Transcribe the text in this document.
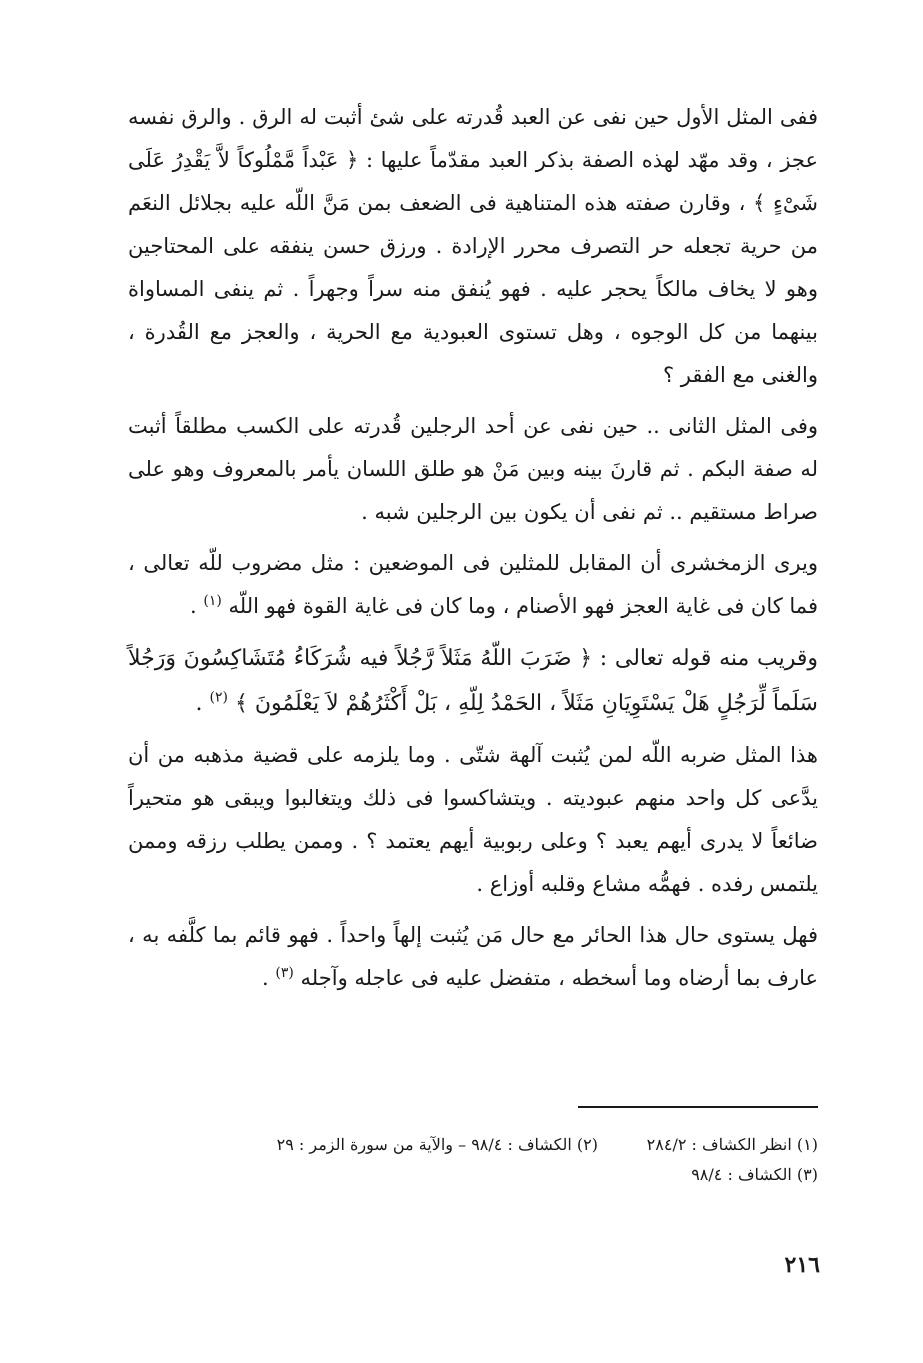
ففى المثل الأول حين نفى عن العبد قُدرته على شئ أثبت له الرق . والرق نفسه عجز ، وقد مهّد لهذه الصفة بذكر العبد مقدّماً عليها : ﴿ عَبْداً مَّمْلُوكاً لاَّ يَقْدِرُ عَلَى شَىْءٍ ﴾ ، وقارن صفته هذه المتناهية فى الضعف بمن مَنَّ اللّه عليه بجلائل النعَم من حرية تجعله حر التصرف محرر الإرادة . ورزق حسن ينفقه على المحتاجين وهو لا يخاف مالكاً يحجر عليه . فهو يُنفق منه سراً وجهراً . ثم ينفى المساواة بينهما من كل الوجوه ، وهل تستوى العبودية مع الحرية ، والعجز مع القُدرة ، والغنى مع الفقر ؟

وفى المثل الثانى .. حين نفى عن أحد الرجلين قُدرته على الكسب مطلقاً أثبت له صفة البكم . ثم قارنَ بينه وبين مَنْ هو طلق اللسان يأمر بالمعروف وهو على صراط مستقيم .. ثم نفى أن يكون بين الرجلين شبه .

ويرى الزمخشرى أن المقابل للمثلين فى الموضعين : مثل مضروب للّه تعالى ، فما كان فى غاية العجز فهو الأصنام ، وما كان فى غاية القوة فهو اللّه $^{(١)}$ .

وقريب منه قوله تعالى : ﴿ ضَرَبَ اللّهُ مَثَلاً رَّجُلاً فيه شُرَكَاءُ مُتَشَاكِسُونَ وَرَجُلاً سَلَماً لِّرَجُلٍ هَلْ يَسْتَوِيَانِ مَثَلاً ، الحَمْدُ لِلّهِ ، بَلْ أَكْثَرُهُمْ لاَ يَعْلَمُونَ ﴾ $^{(٢)}$ .

هذا المثل ضربه اللّه لمن يُثبت آلهة شتّى . وما يلزمه على قضية مذهبه من أن يدَّعى كل واحد منهم عبوديته . ويتشاكسوا فى ذلك ويتغالبوا ويبقى هو متحيراً ضائعاً لا يدرى أيهم يعبد ؟ وعلى ربوبية أيهم يعتمد ؟ . وممن يطلب رزقه وممن يلتمس رفده . فهمُّه مشاع وقلبه أوزاع .

فهل يستوى حال هذا الحائر مع حال مَن يُثبت إلهاً واحداً . فهو قائم بما كلَّفه به ، عارف بما أرضاه وما أسخطه ، متفضل عليه فى عاجله وآجله $^{(٣)}$ .

(١) انظر الكشاف : ٢٨٤/٢
(٢) الكشاف : ٩٨/٤ – والآية من سورة الزمر : ٢٩
(٣) الكشاف : ٩٨/٤
٢١٦
